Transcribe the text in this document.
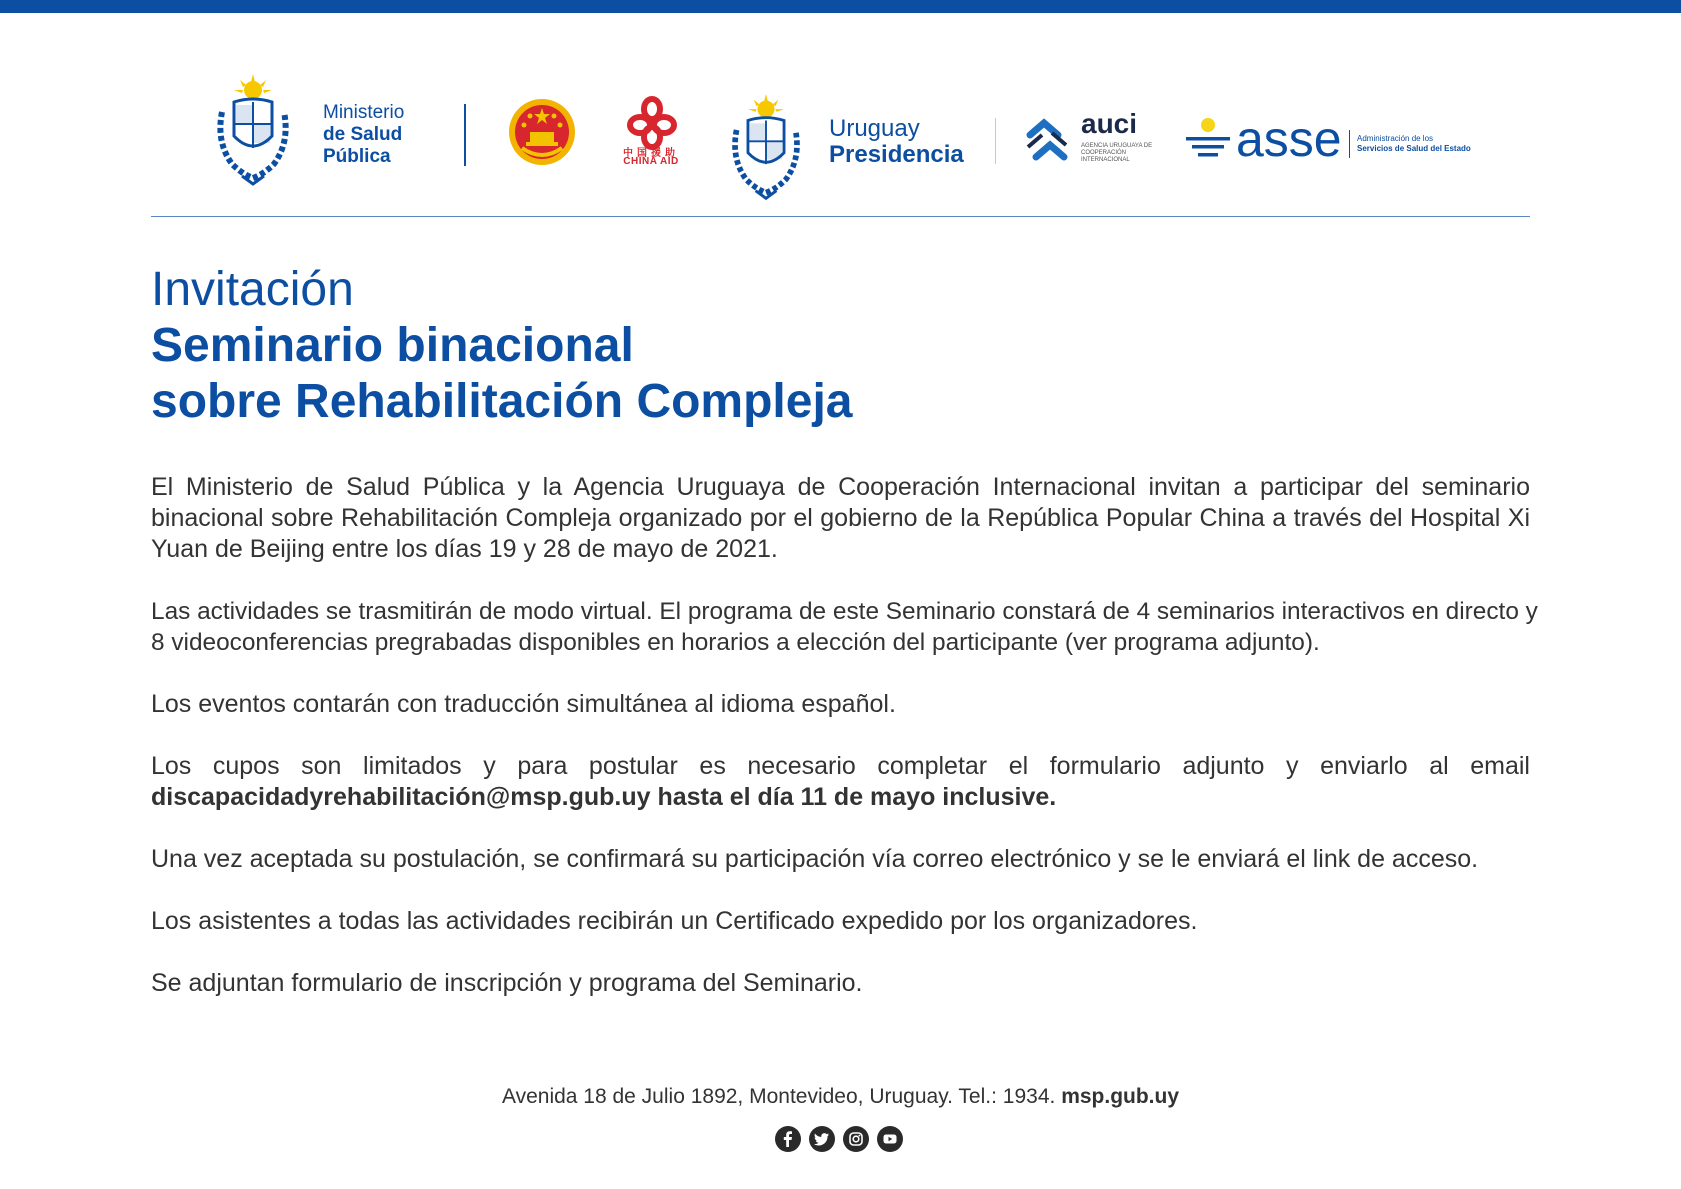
Ministerio
de Salud
Pública	中国援助
CHINA AID
Uruguay
Presidencia
auci
AGENCIA URUGUAYA DE COOPERACIÓN INTERNACIONAL	asse Administración de los
Servicios de Salud del Estado
Invitación
Seminario binacional
sobre Rehabilitación Compleja

El Ministerio de Salud Pública y la Agencia Uruguaya de Cooperación Internacional invitan a participar del seminario binacional sobre Rehabilitación Compleja organizado por el gobierno de la República Popular China a través del Hospital Xi Yuan de Beijing entre los días 19 y 28 de mayo de 2021.

Las actividades se trasmitirán de modo virtual. El programa de este Seminario constará de 4 seminarios interactivos en directo y 8 videoconferencias pregrabadas disponibles en horarios a elección del participante (ver programa adjunto).

Los eventos contarán con traducción simultánea al idioma español.

Los cupos son limitados y para postular es necesario completar el formulario adjunto y enviarlo al email discapacidadyrehabilitación@msp.gub.uy hasta el día 11 de mayo inclusive.

Una vez aceptada su postulación, se confirmará su participación vía correo electrónico y se le enviará el link de acceso.

Los asistentes a todas las actividades recibirán un Certificado expedido por los organizadores.

Se adjuntan formulario de inscripción y programa del Seminario.

Avenida 18 de Julio 1892, Montevideo, Uruguay. Tel.: 1934. msp.gub.uy
